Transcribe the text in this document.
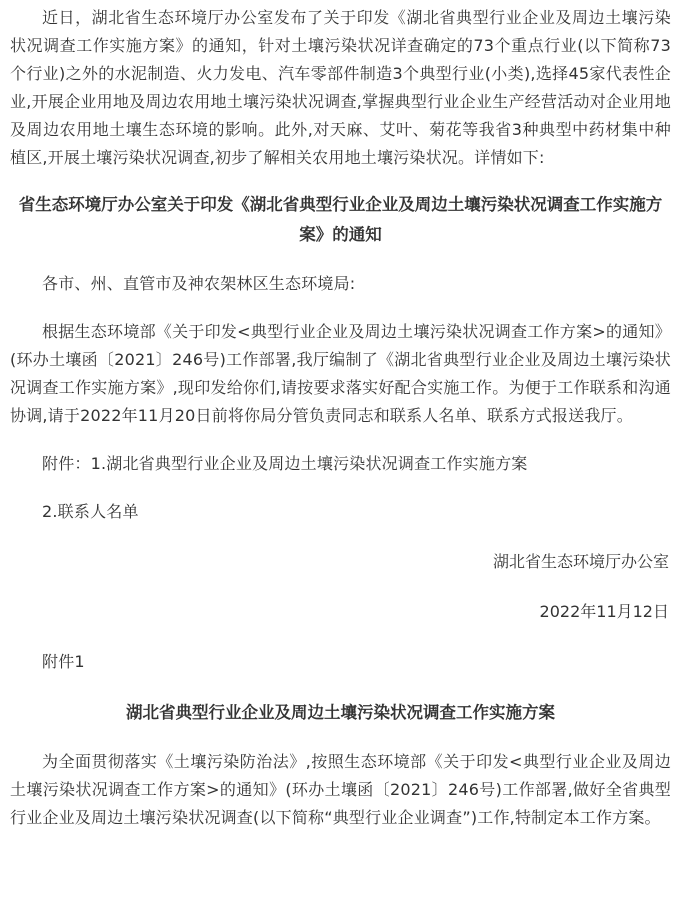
近日，湖北省生态环境厅办公室发布了关于印发《湖北省典型行业企业及周边土壤污染状况调查工作实施方案》的通知，针对土壤污染状况详查确定的73个重点行业(以下简称73个行业)之外的水泥制造、火力发电、汽车零部件制造3个典型行业(小类),选择45家代表性企业,开展企业用地及周边农用地土壤污染状况调查,掌握典型行业企业生产经营活动对企业用地及周边农用地土壤生态环境的影响。此外,对天麻、艾叶、菊花等我省3种典型中药材集中种植区,开展土壤污染状况调查,初步了解相关农用地土壤污染状况。详情如下:

省生态环境厅办公室关于印发《湖北省典型行业企业及周边土壤污染状况调查工作实施方案》的通知

各市、州、直管市及神农架林区生态环境局:

根据生态环境部《关于印发<典型行业企业及周边土壤污染状况调查工作方案>的通知》(环办土壤函〔2021〕246号)工作部署,我厅编制了《湖北省典型行业企业及周边土壤污染状况调查工作实施方案》,现印发给你们,请按要求落实好配合实施工作。为便于工作联系和沟通协调,请于2022年11月20日前将你局分管负责同志和联系人名单、联系方式报送我厅。

附件：1.湖北省典型行业企业及周边土壤污染状况调查工作实施方案

2.联系人名单

湖北省生态环境厅办公室

2022年11月12日

附件1

湖北省典型行业企业及周边土壤污染状况调查工作实施方案

为全面贯彻落实《土壤污染防治法》,按照生态环境部《关于印发<典型行业企业及周边土壤污染状况调查工作方案>的通知》(环办土壤函〔2021〕246号)工作部署,做好全省典型行业企业及周边土壤污染状况调查(以下简称“典型行业企业调查”)工作,特制定本工作方案。
